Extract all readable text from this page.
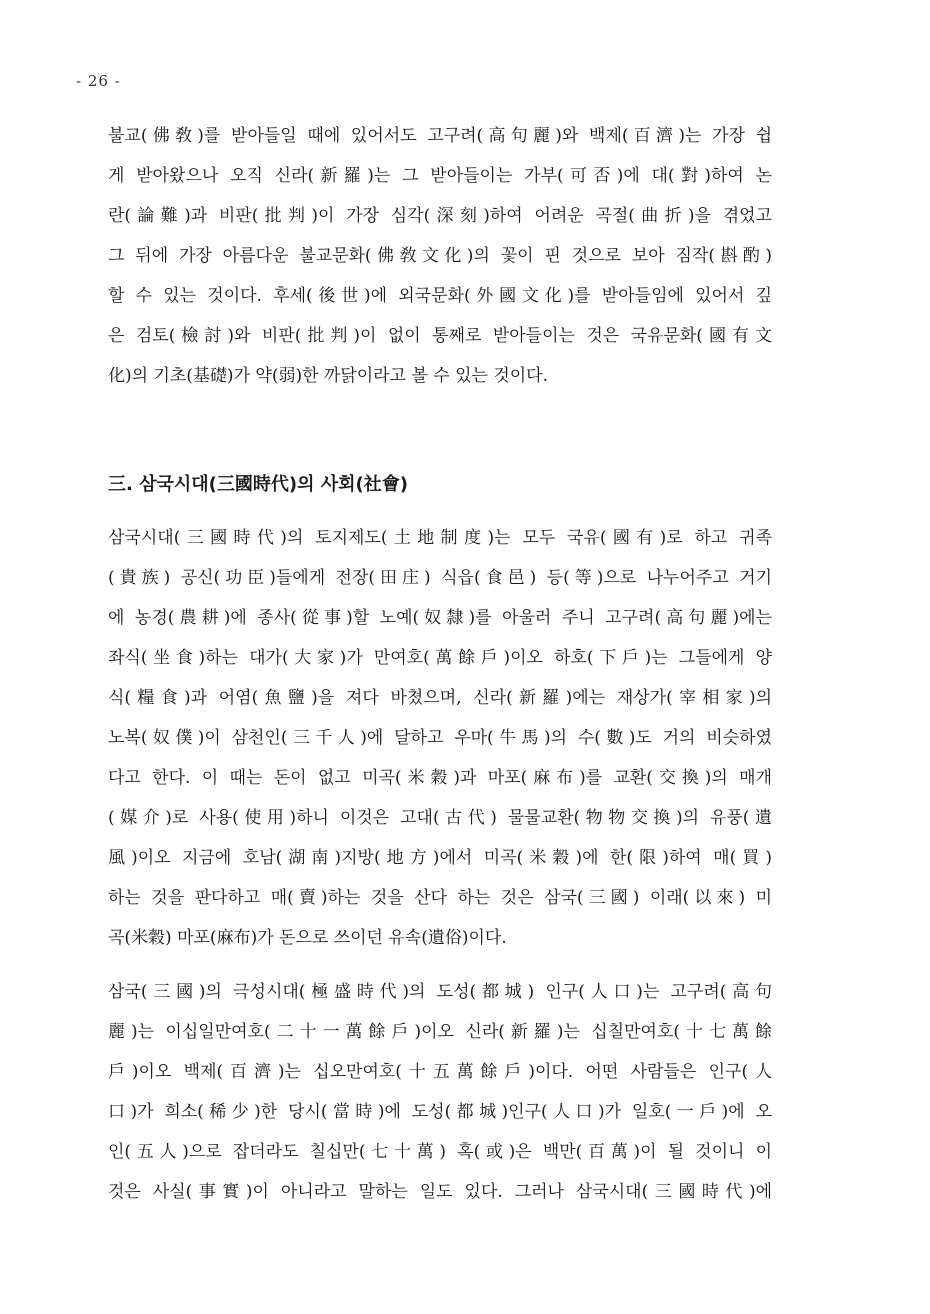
- 26 -
불교(佛敎)를 받아들일 때에 있어서도 고구려(高句麗)와 백제(百濟)는 가장 쉽
게 받아왔으나 오직 신라(新羅)는 그 받아들이는 가부(可否)에 대(對)하여 논
란(論難)과 비판(批判)이 가장 심각(深刻)하여 어려운 곡절(曲折)을 겪었고
그 뒤에 가장 아름다운 불교문화(佛敎文化)의 꽃이 핀 것으로 보아 짐작(斟酌)
할 수 있는 것이다. 후세(後世)에 외국문화(外國文化)를 받아들임에 있어서 깊
은 검토(檢討)와 비판(批判)이 없이 통째로 받아들이는 것은 국유문화(國有文
化)의 기초(基礎)가 약(弱)한 까닭이라고 볼 수 있는 것이다.
三. 삼국시대(三國時代)의 사회(社會)
삼국시대(三國時代)의 토지제도(土地制度)는 모두 국유(國有)로 하고 귀족
(貴族) 공신(功臣)들에게 전장(田庄) 식읍(食邑) 등(等)으로 나누어주고 거기
에 농경(農耕)에 종사(從事)할 노예(奴隸)를 아울러 주니 고구려(高句麗)에는
좌식(坐食)하는 대가(大家)가 만여호(萬餘戶)이오 하호(下戶)는 그들에게 양
식(糧食)과 어염(魚鹽)을 져다 바쳤으며, 신라(新羅)에는 재상가(宰相家)의
노복(奴僕)이 삼천인(三千人)에 달하고 우마(牛馬)의 수(數)도 거의 비슷하였
다고 한다. 이 때는 돈이 없고 미곡(米穀)과 마포(麻布)를 교환(交換)의 매개
(媒介)로 사용(使用)하니 이것은 고대(古代) 물물교환(物物交換)의 유풍(遺
風)이오 지금에 호남(湖南)지방(地方)에서 미곡(米穀)에 한(限)하여 매(買)
하는 것을 판다하고 매(賣)하는 것을 산다 하는 것은 삼국(三國) 이래(以來) 미
곡(米穀) 마포(麻布)가 돈으로 쓰이던 유속(遺俗)이다.
삼국(三國)의 극성시대(極盛時代)의 도성(都城) 인구(人口)는 고구려(高句
麗)는 이십일만여호(二十一萬餘戶)이오 신라(新羅)는 십칠만여호(十七萬餘
戶)이오 백제(百濟)는 십오만여호(十五萬餘戶)이다. 어떤 사람들은 인구(人
口)가 희소(稀少)한 당시(當時)에 도성(都城)인구(人口)가 일호(一戶)에 오
인(五人)으로 잡더라도 칠십만(七十萬) 혹(或)은 백만(百萬)이 될 것이니 이
것은 사실(事實)이 아니라고 말하는 일도 있다. 그러나 삼국시대(三國時代)에
